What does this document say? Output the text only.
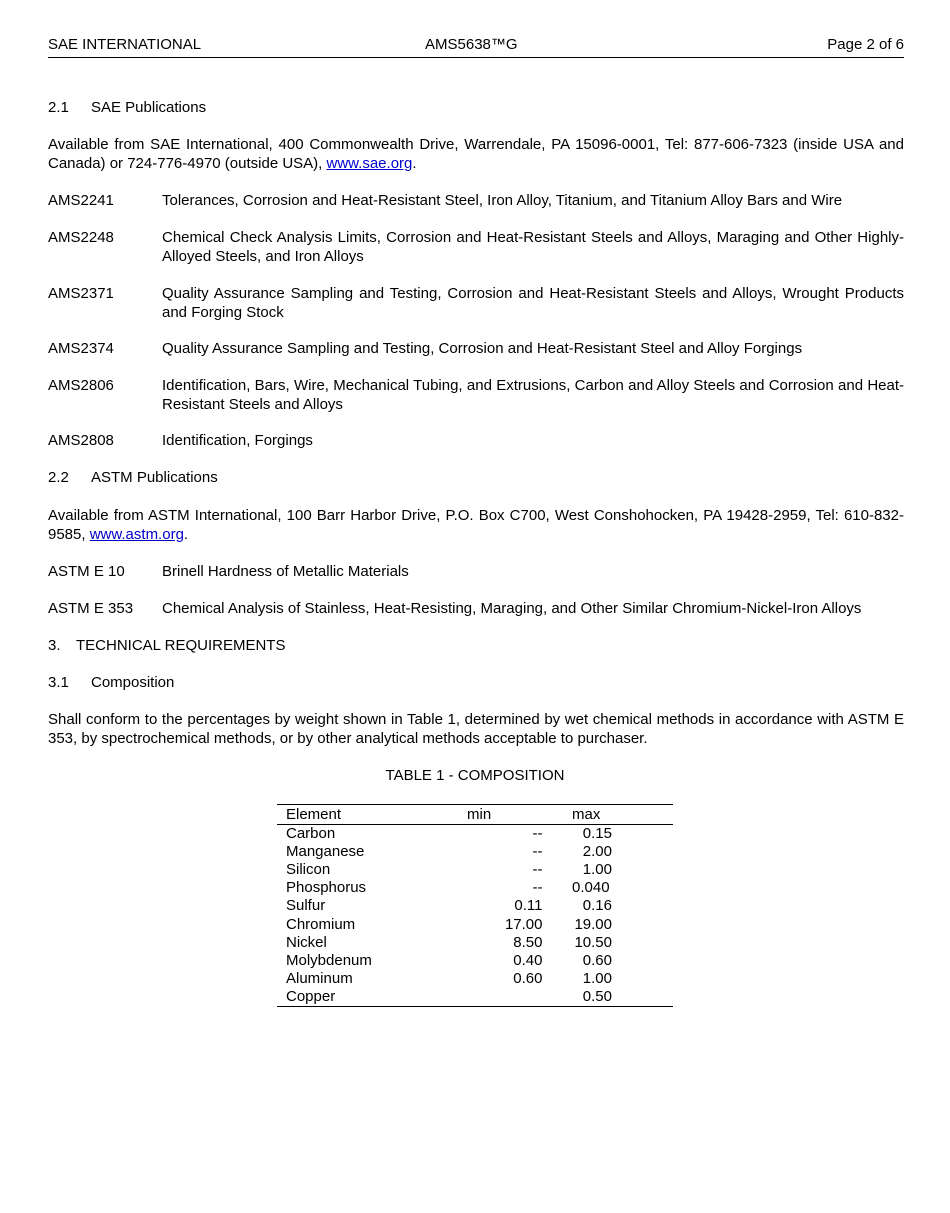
SAE INTERNATIONAL	AMS5638™G	Page 2 of 6
2.1 SAE Publications
Available from SAE International, 400 Commonwealth Drive, Warrendale, PA 15096-0001, Tel: 877-606-7323 (inside USA and Canada) or 724-776-4970 (outside USA), www.sae.org.
AMS2241	Tolerances, Corrosion and Heat-Resistant Steel, Iron Alloy, Titanium, and Titanium Alloy Bars and Wire
AMS2248	Chemical Check Analysis Limits, Corrosion and Heat-Resistant Steels and Alloys, Maraging and Other Highly-Alloyed Steels, and Iron Alloys
AMS2371	Quality Assurance Sampling and Testing, Corrosion and Heat-Resistant Steels and Alloys, Wrought Products and Forging Stock
AMS2374	Quality Assurance Sampling and Testing, Corrosion and Heat-Resistant Steel and Alloy Forgings
AMS2806	Identification, Bars, Wire, Mechanical Tubing, and Extrusions, Carbon and Alloy Steels and Corrosion and Heat-Resistant Steels and Alloys
AMS2808	Identification, Forgings
2.2 ASTM Publications
Available from ASTM International, 100 Barr Harbor Drive, P.O. Box C700, West Conshohocken, PA 19428-2959, Tel: 610-832-9585, www.astm.org.
ASTM E 10 Brinell Hardness of Metallic Materials
ASTM E 353 Chemical Analysis of Stainless, Heat-Resisting, Maraging, and Other Similar Chromium-Nickel-Iron Alloys
3. TECHNICAL REQUIREMENTS
3.1 Composition
Shall conform to the percentages by weight shown in Table 1, determined by wet chemical methods in accordance with ASTM E 353, by spectrochemical methods, or by other analytical methods acceptable to purchaser.
TABLE 1 - COMPOSITION
Element	min	max
Carbon	--	0.15
Manganese	--	2.00
Silicon	--	1.00
Phosphorus	--	0.040
Sulfur	0.11	0.16
Chromium	17.00	19.00
Nickel	8.50	10.50
Molybdenum	0.40	0.60
Aluminum	0.60	1.00
Copper		0.50
